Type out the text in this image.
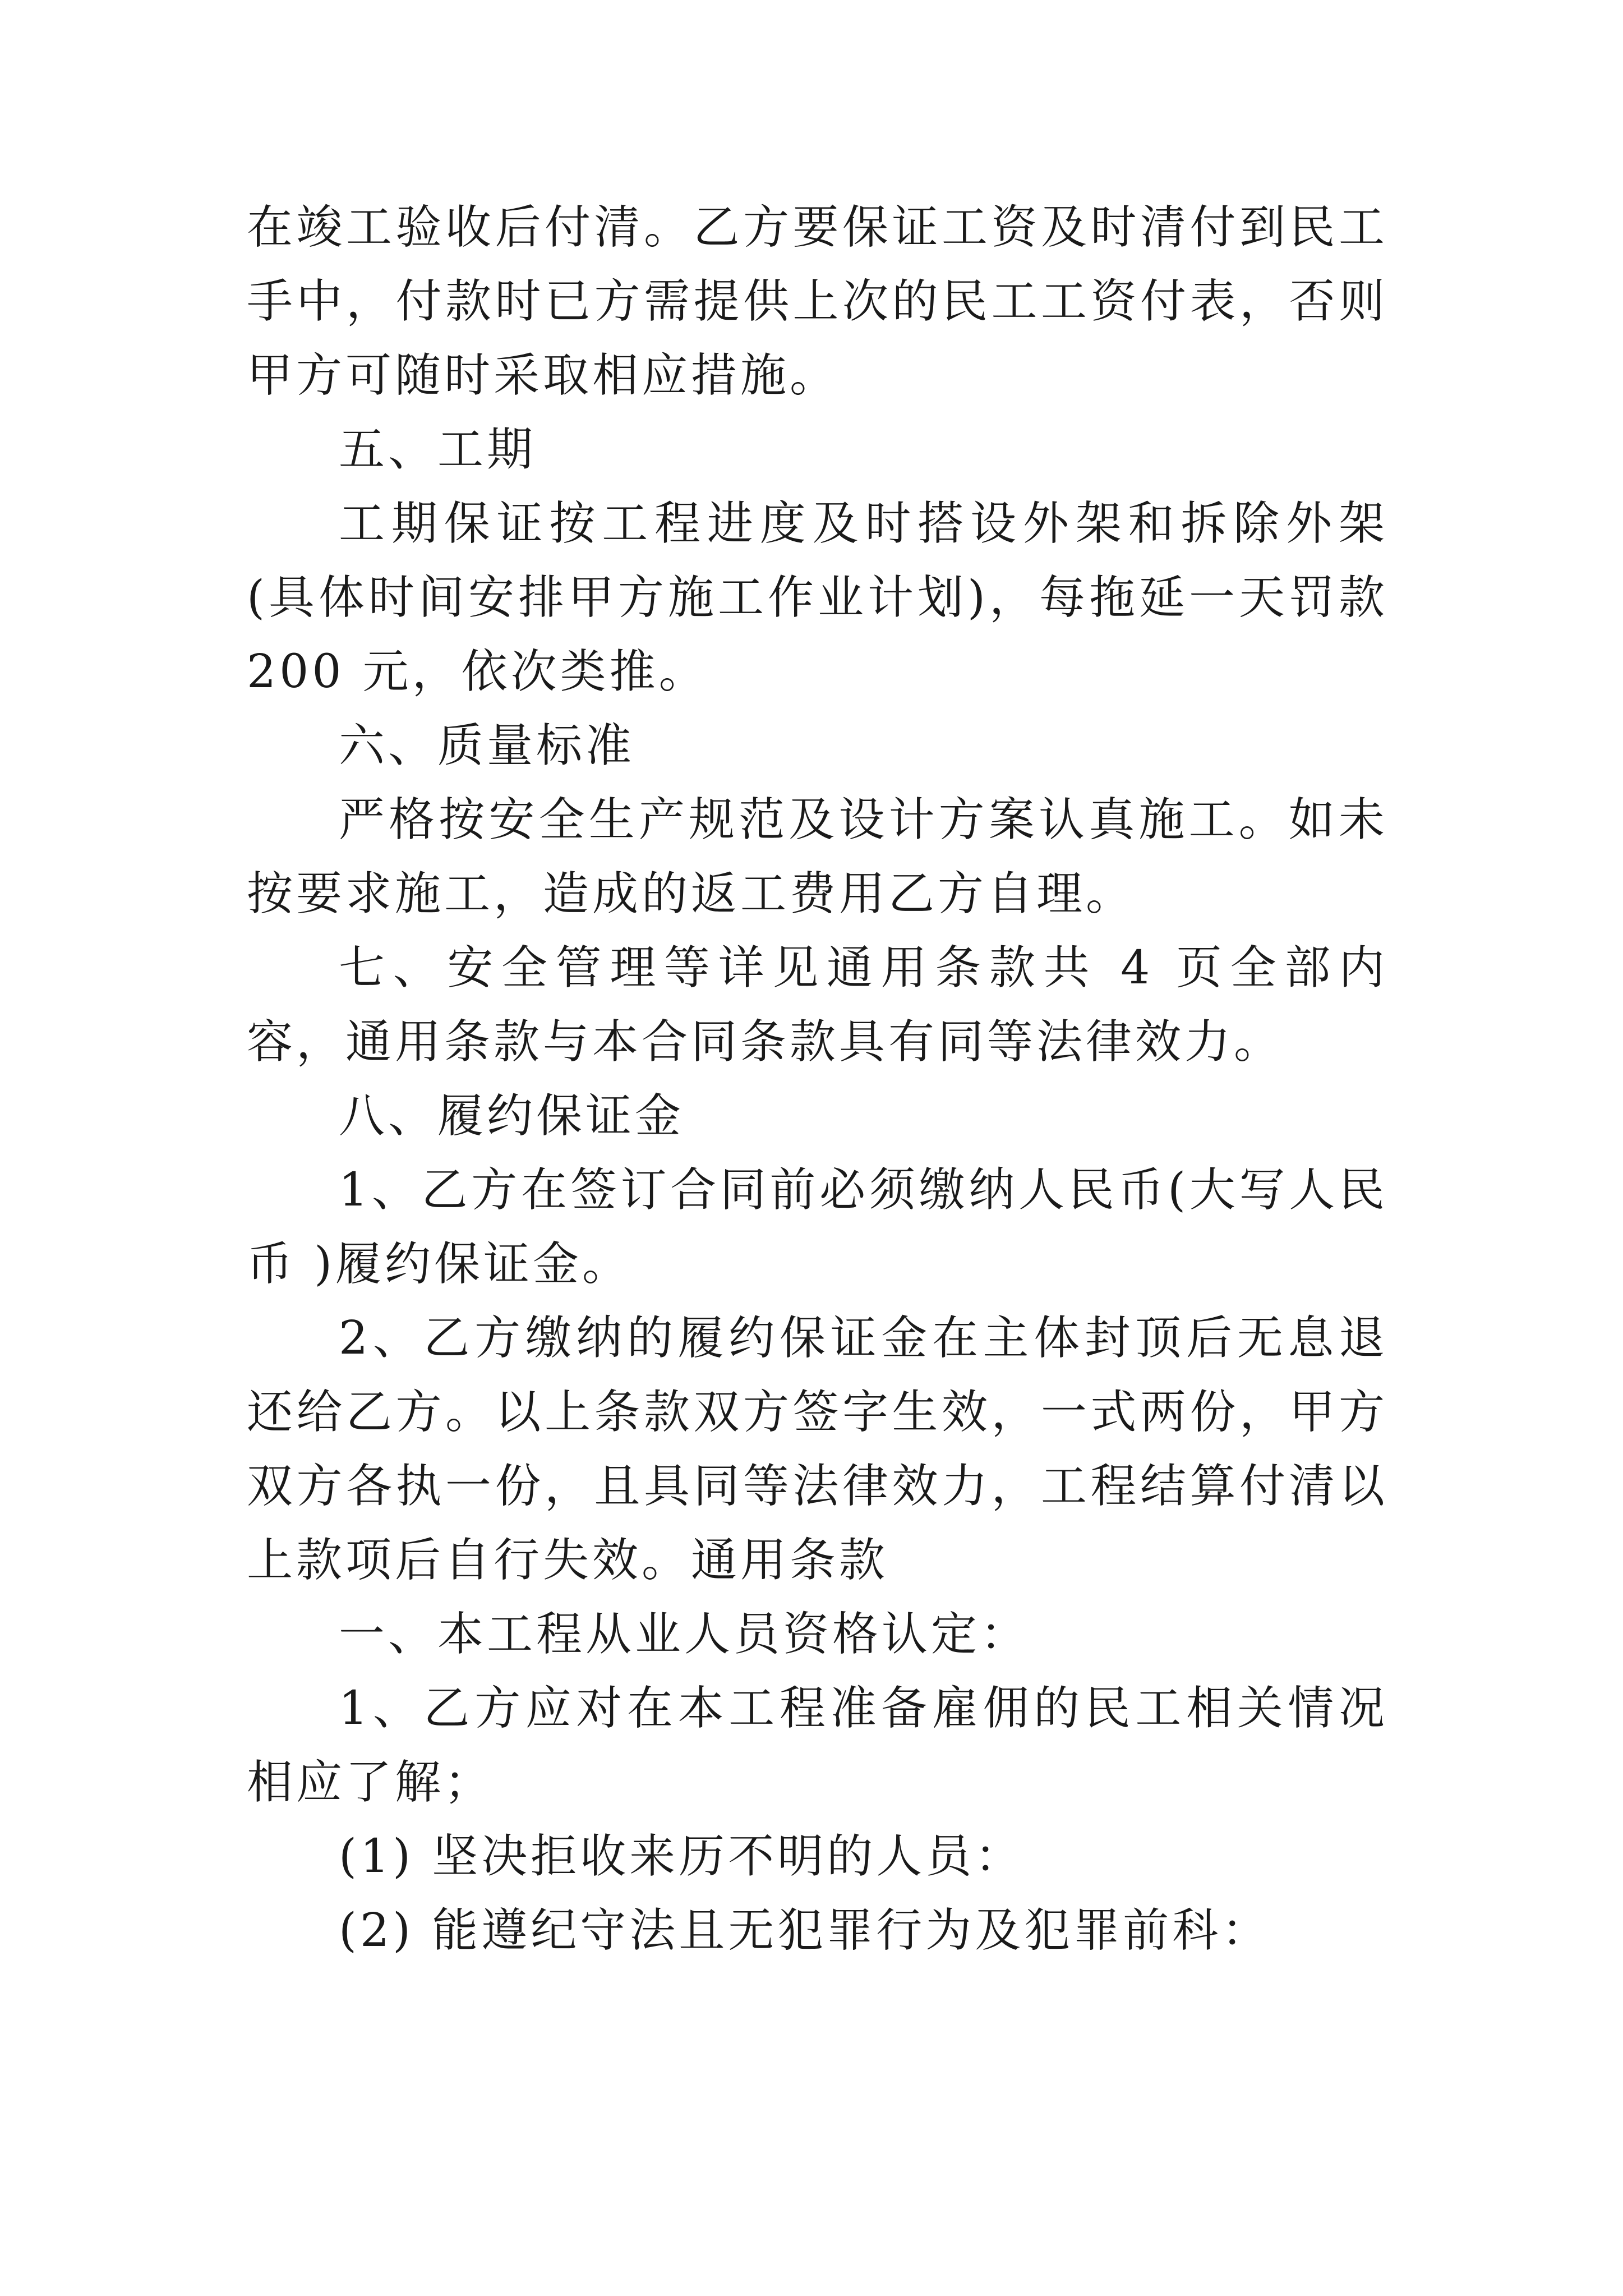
在竣工验收后付清。乙方要保证工资及时清付到民工手中，付款时已方需提供上次的民工工资付表，否则甲方可随时采取相应措施。

五、工期

工期保证按工程进度及时搭设外架和拆除外架(具体时间安排甲方施工作业计划)，每拖延一天罚款 200 元，依次类推。

六、质量标准

严格按安全生产规范及设计方案认真施工。如未按要求施工，造成的返工费用乙方自理。

七、安全管理等详见通用条款共 4 页全部内容，通用条款与本合同条款具有同等法律效力。

八、履约保证金

1、乙方在签订合同前必须缴纳人民币(大写人民币 )履约保证金。

2、乙方缴纳的履约保证金在主体封顶后无息退还给乙方。以上条款双方签字生效，一式两份，甲方双方各执一份，且具同等法律效力，工程结算付清以上款项后自行失效。通用条款

一、本工程从业人员资格认定：

1、乙方应对在本工程准备雇佣的民工相关情况相应了解；

(1) 坚决拒收来历不明的人员：

(2) 能遵纪守法且无犯罪行为及犯罪前科：
